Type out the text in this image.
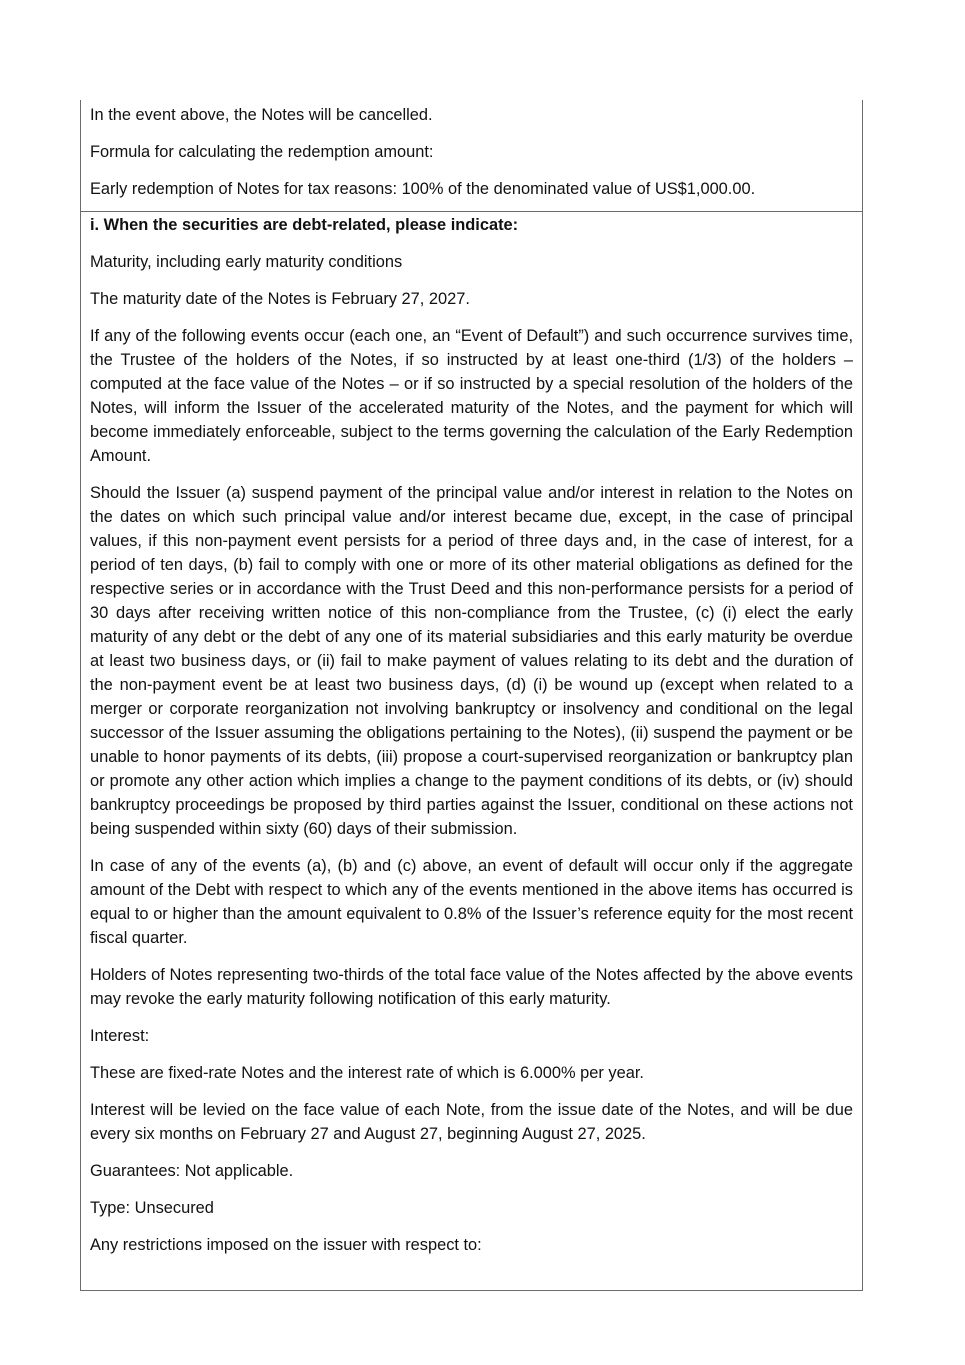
In the event above, the Notes will be cancelled.

Formula for calculating the redemption amount:

Early redemption of Notes for tax reasons: 100% of the denominated value of US$1,000.00.

i. When the securities are debt-related, please indicate:

Maturity, including early maturity conditions

The maturity date of the Notes is February 27, 2027.

If any of the following events occur (each one, an “Event of Default”) and such occurrence survives time, the Trustee of the holders of the Notes, if so instructed by at least one-third (1/3) of the holders – computed at the face value of the Notes – or if so instructed by a special resolution of the holders of the Notes, will inform the Issuer of the accelerated maturity of the Notes, and the payment for which will become immediately enforceable, subject to the terms governing the calculation of the Early Redemption Amount.

Should the Issuer (a) suspend payment of the principal value and/or interest in relation to the Notes on the dates on which such principal value and/or interest became due, except, in the case of principal values, if this non-payment event persists for a period of three days and, in the case of interest, for a period of ten days, (b) fail to comply with one or more of its other material obligations as defined for the respective series or in accordance with the Trust Deed and this non-performance persists for a period of 30 days after receiving written notice of this non-compliance from the Trustee, (c) (i) elect the early maturity of any debt or the debt of any one of its material subsidiaries and this early maturity be overdue at least two business days, or (ii) fail to make payment of values relating to its debt and the duration of the non-payment event be at least two business days, (d) (i) be wound up (except when related to a merger or corporate reorganization not involving bankruptcy or insolvency and conditional on the legal successor of the Issuer assuming the obligations pertaining to the Notes), (ii) suspend the payment or be unable to honor payments of its debts, (iii) propose a court-supervised reorganization or bankruptcy plan or promote any other action which implies a change to the payment conditions of its debts, or (iv) should bankruptcy proceedings be proposed by third parties against the Issuer, conditional on these actions not being suspended within sixty (60) days of their submission.

In case of any of the events (a), (b) and (c) above, an event of default will occur only if the aggregate amount of the Debt with respect to which any of the events mentioned in the above items has occurred is equal to or higher than the amount equivalent to 0.8% of the Issuer’s reference equity for the most recent fiscal quarter.

Holders of Notes representing two-thirds of the total face value of the Notes affected by the above events may revoke the early maturity following notification of this early maturity.

Interest:

These are fixed-rate Notes and the interest rate of which is 6.000% per year.

Interest will be levied on the face value of each Note, from the issue date of the Notes, and will be due every six months on February 27 and August 27, beginning August 27, 2025.

Guarantees: Not applicable.

Type: Unsecured

Any restrictions imposed on the issuer with respect to:
